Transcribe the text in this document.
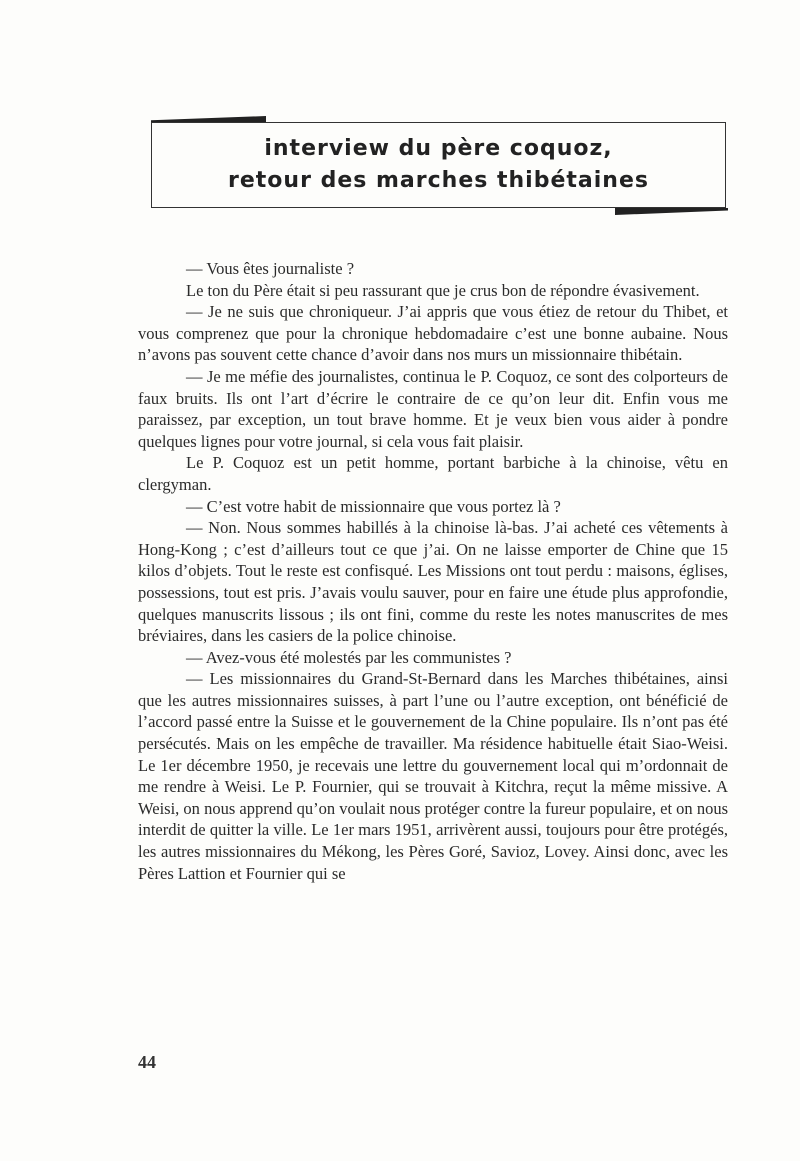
interview du père coquoz,
retour des marches thibétaines

— Vous êtes journaliste ?

Le ton du Père était si peu rassurant que je crus bon de répondre évasivement.

— Je ne suis que chroniqueur. J’ai appris que vous étiez de retour du Thibet, et vous comprenez que pour la chronique hebdomadaire c’est une bonne aubaine. Nous n’avons pas souvent cette chance d’avoir dans nos murs un missionnaire thibétain.

— Je me méfie des journalistes, continua le P. Coquoz, ce sont des colporteurs de faux bruits. Ils ont l’art d’écrire le contraire de ce qu’on leur dit. Enfin vous me paraissez, par exception, un tout brave homme. Et je veux bien vous aider à pondre quelques lignes pour votre journal, si cela vous fait plaisir.

Le P. Coquoz est un petit homme, portant barbiche à la chinoise, vêtu en clergyman.

— C’est votre habit de missionnaire que vous portez là ?

— Non. Nous sommes habillés à la chinoise là-bas. J’ai acheté ces vêtements à Hong-Kong ; c’est d’ailleurs tout ce que j’ai. On ne laisse emporter de Chine que 15 kilos d’objets. Tout le reste est confisqué. Les Missions ont tout perdu : maisons, églises, possessions, tout est pris. J’avais voulu sauver, pour en faire une étude plus approfondie, quelques manuscrits lissous ; ils ont fini, comme du reste les notes manuscrites de mes bréviaires, dans les casiers de la police chinoise.

— Avez-vous été molestés par les communistes ?

— Les missionnaires du Grand-St-Bernard dans les Marches thibétaines, ainsi que les autres missionnaires suisses, à part l’une ou l’autre exception, ont bénéficié de l’accord passé entre la Suisse et le gouvernement de la Chine populaire. Ils n’ont pas été persécutés. Mais on les empêche de travailler. Ma résidence habituelle était Siao-Weisi. Le 1er décembre 1950, je recevais une lettre du gouvernement local qui m’ordonnait de me rendre à Weisi. Le P. Fournier, qui se trouvait à Kitchra, reçut la même missive. A Weisi, on nous apprend qu’on voulait nous protéger contre la fureur populaire, et on nous interdit de quitter la ville. Le 1er mars 1951, arrivèrent aussi, toujours pour être protégés, les autres missionnaires du Mékong, les Pères Goré, Savioz, Lovey. Ainsi donc, avec les Pères Lattion et Fournier qui se

44
